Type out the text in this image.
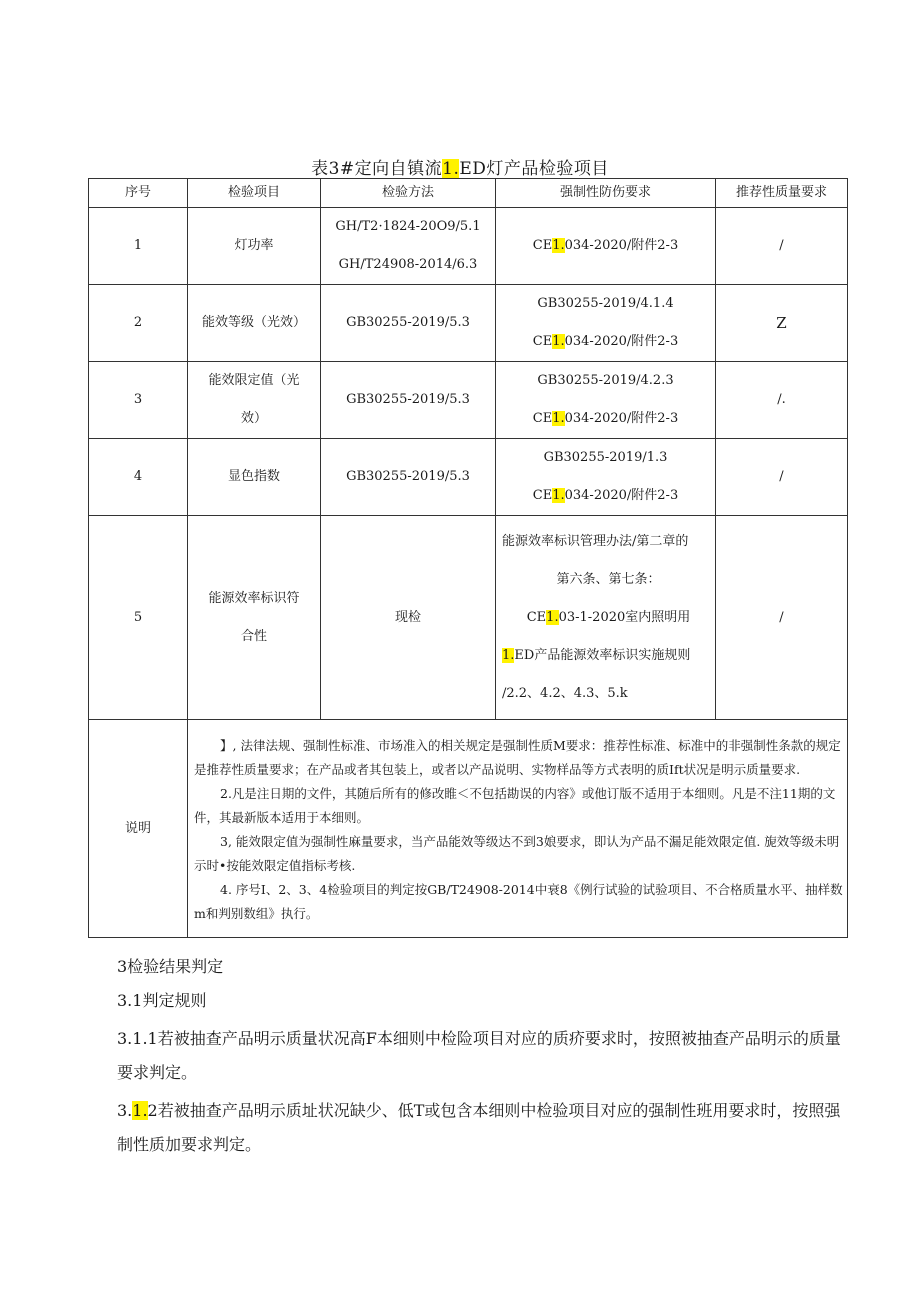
表3#定向自镇流1.ED灯产品检验项目
序号	检验项目	检验方法	强制性防伤要求	推荐性质量要求
1	灯功率	GH/T2·1824-20O9/5.1
GH/T24908-2014/6.3	CE1.034-2020/附件2-3	/
2	能效等级（光效）	GB30255-2019/5.3	GB30255-2019/4.1.4
CE1.034-2020/附件2-3	Z
3	能效限定值（光
效）	GB30255-2019/5.3	GB30255-2019/4.2.3
CE1.034-2020/附件2-3	/.
4	显色指数	GB30255-2019/5.3	GB30255-2019/1.3
CE1.034-2020/附件2-3	/
5	能源效率标识符
合性	现检	能源效率标识管理办法/第二章的
第六条、第七条：
CE1.03-1-2020室内照明用
1.ED产品能源效率标识实施规则
/2.2、4.2、4.3、5.k	/
说明	】, 法律法规、强制性标准、市场准入的相关规定是强制性质M要求：推荐性标准、标准中的非强制性条款的规定是推荐性质量要求；在产品或者其包装上，或者以产品说明、实物样品等方式表明的质Ift状况是明示质量要求.

2.凡是注日期的文件，其随后所有的修改睢＜不包括勘误的内容》或他订版不适用于本细则。凡是不注11期的文件，其最新版本适用于本细则。

3, 能效限定值为强制性麻量要求，当产品能效等级达不到3娘要求，即认为产品不漏足能效限定值. 旎效等级未明示时•按能效限定值指标考核.

4. 序号I、2、3、4检验项目的判定按GB/T24908-2014中衰8《例行试验的试验项目、不合格质量水平、抽样数m和判别数组》执行。			

3检验结果判定
3.1判定规则

3.1.1若被抽查产品明示质量状况高F本细则中检险项目对应的质疥要求时，按照被抽查产品明示的质量要求判定。

3.1.2若被抽查产品明示质址状况缺少、低T或包含本细则中检验项目对应的强制性班用要求时，按照强制性质加要求判定。
